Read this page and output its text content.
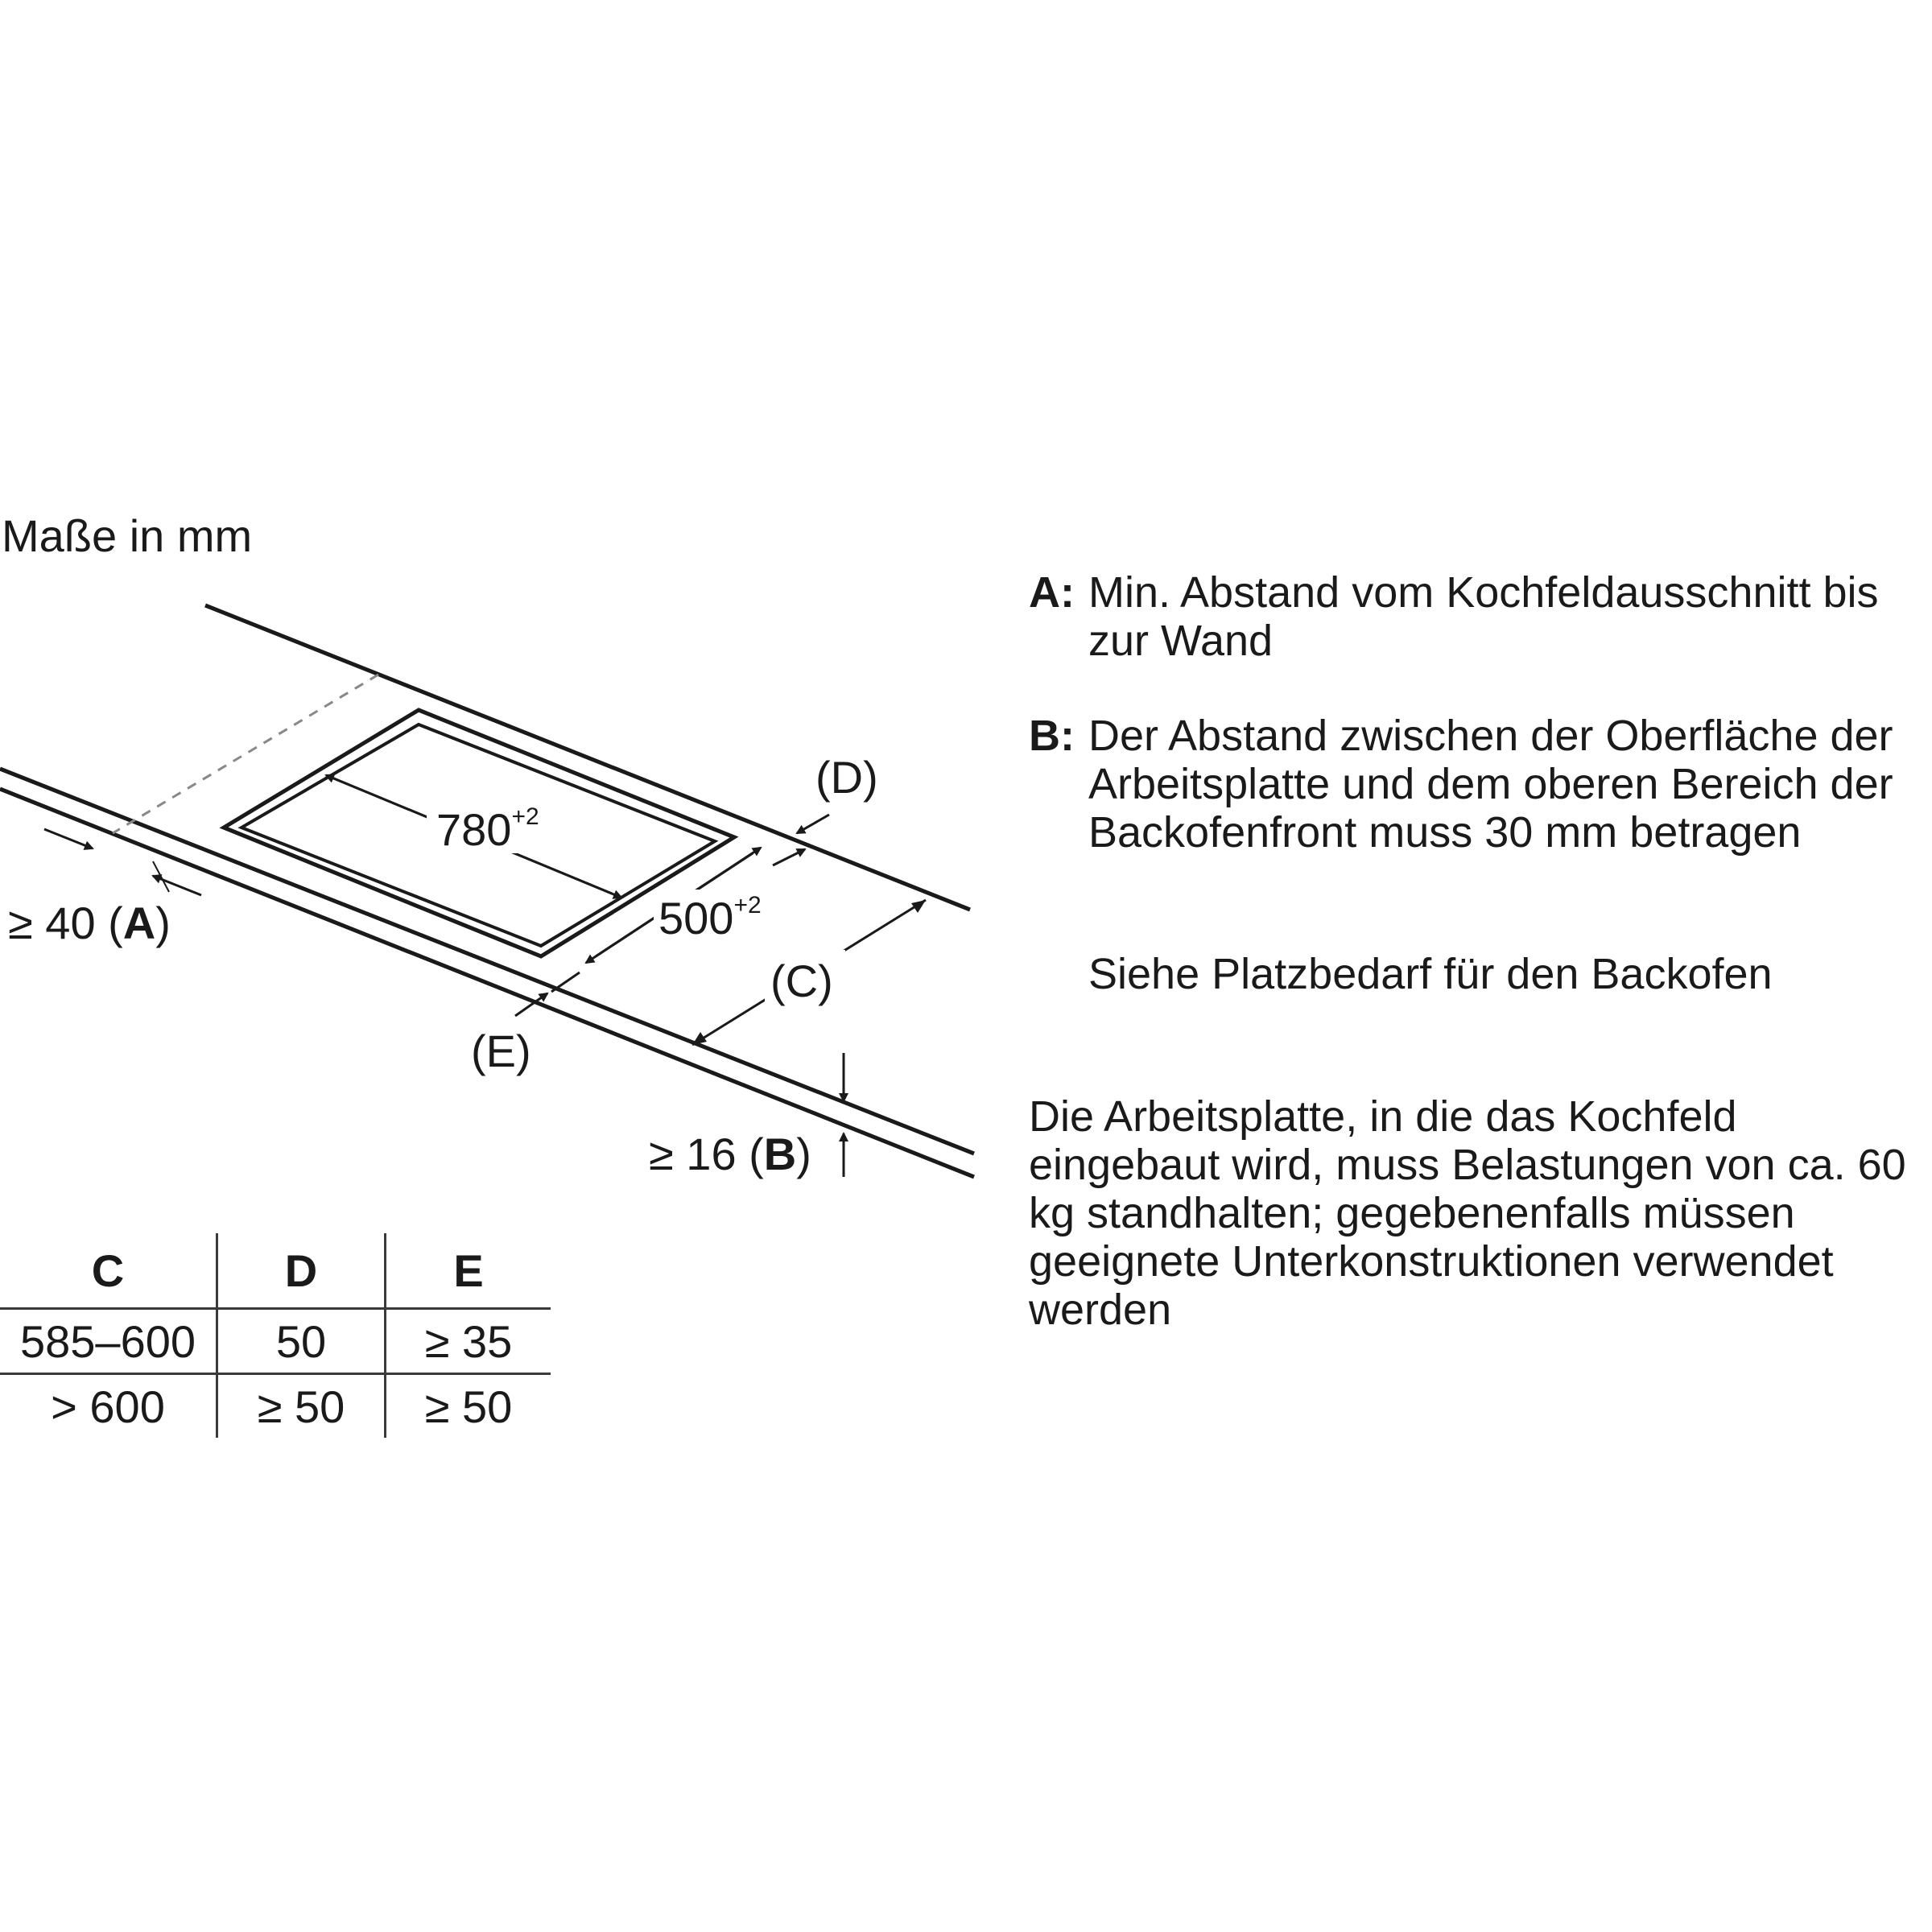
Maße in mm
$780^{+2}$
$500^{+2}$
≥ 40 (A)
(D)
(C)
(E)
≥ 16 (B)
A: Min. Abstand vom Kochfeldausschnitt bis zur Wand
B: Der Abstand zwischen der Oberfläche der Arbeitsplatte und dem oberen Bereich der Backofenfront muss 30 mm betragen
Siehe Platzbedarf für den Backofen
Die Arbeitsplatte, in die das Kochfeld eingebaut wird, muss Belastungen von ca. 60 kg standhalten; gegebenenfalls müssen geeignete Unterkonstruktionen verwendet werden
C	D	E
585–600	50	≥ 35
> 600	≥ 50	≥ 50
